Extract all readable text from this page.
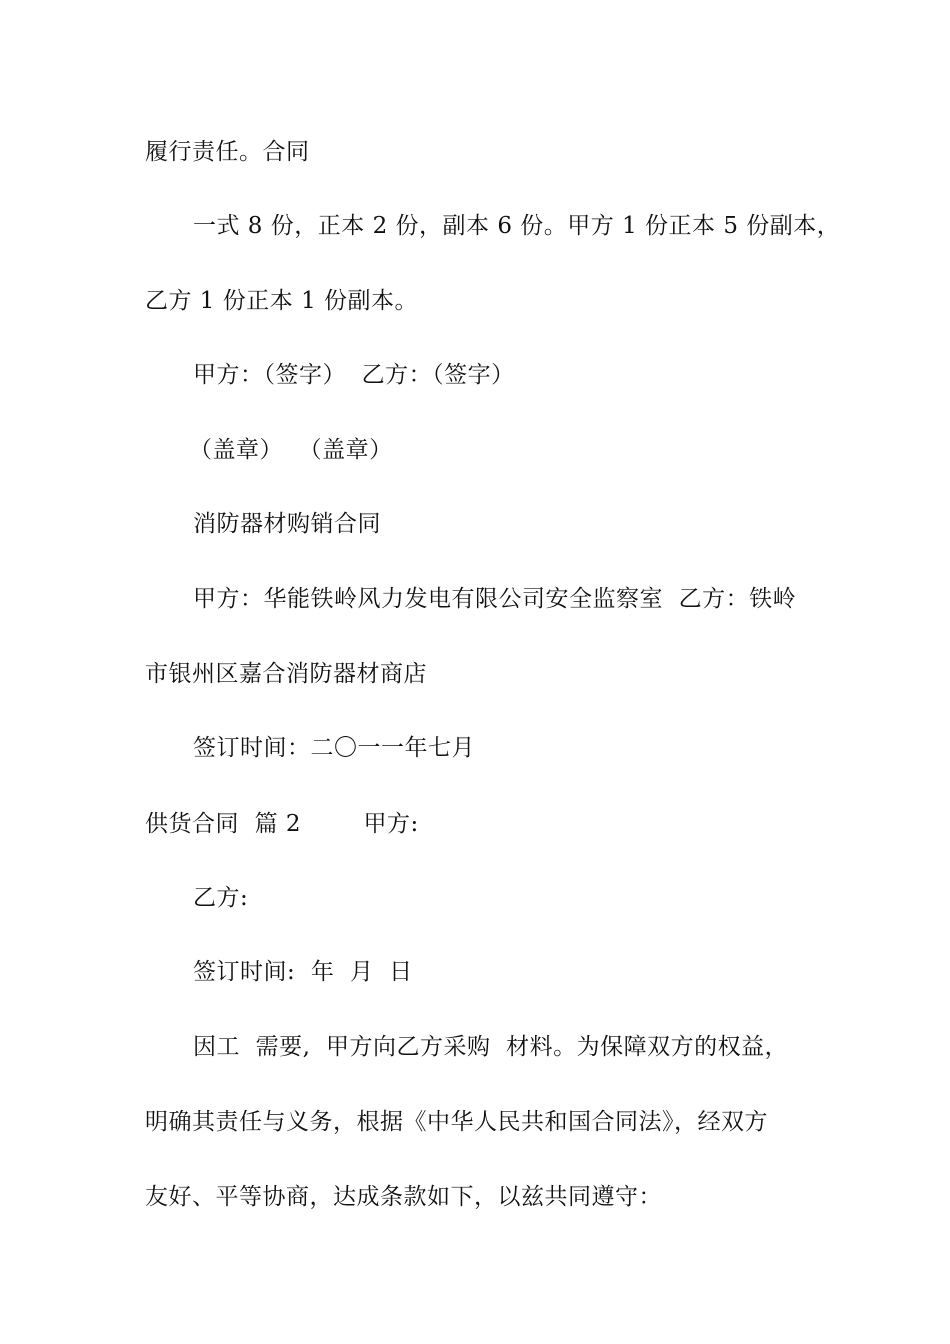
履行责任。合同
一式 8 份，正本 2 份，副本 6 份。甲方 1 份正本 5 份副本，
乙方 1 份正本 1 份副本。
甲方：（签字）  乙方：（签字）
（盖章）  （盖章）
消防器材购销合同
甲方：华能铁岭风力发电有限公司安全监察室  乙方：铁岭
市银州区嘉合消防器材商店
签订时间：二〇一一年七月
供货合同  篇 2        甲方:
乙方:
签订时间:  年  月  日
因工  需要,  甲方向乙方采购  材料。为保障双方的权益，
明确其责任与义务，根据《中华人民共和国合同法》，经双方
友好、平等协商，达成条款如下，以兹共同遵守：
